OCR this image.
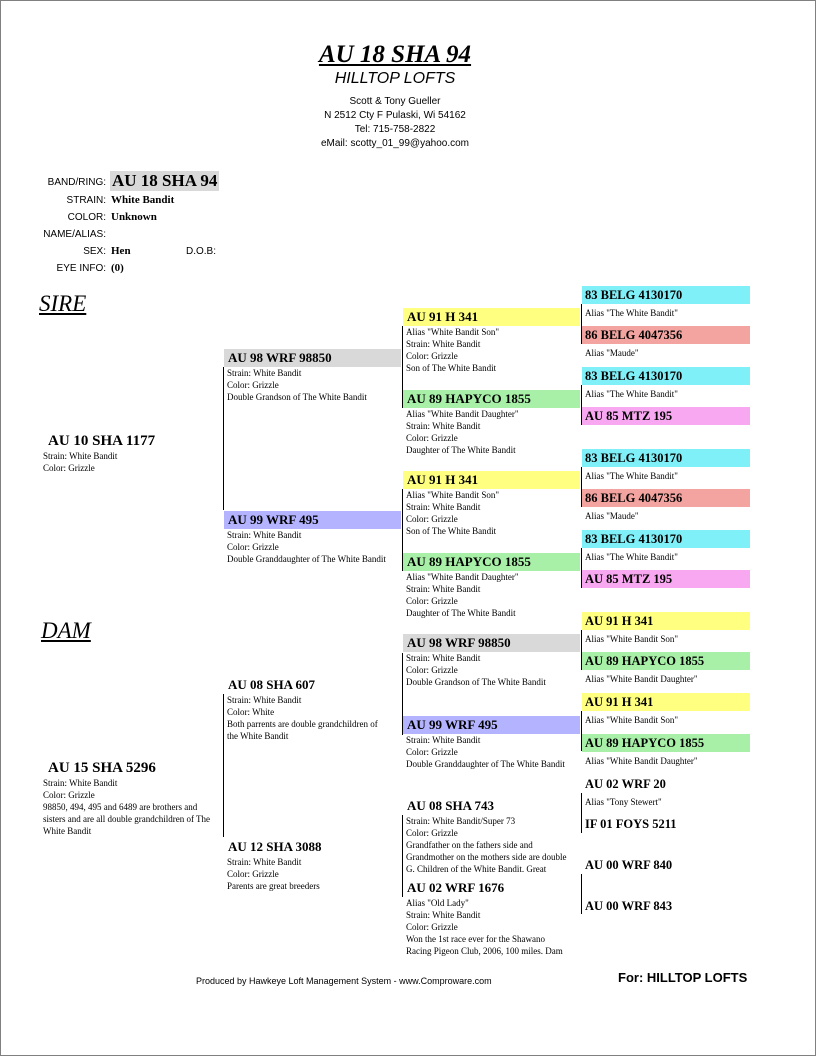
AU 18 SHA 94
HILLTOP LOFTS
Scott & Tony Gueller
N 2512 Cty F Pulaski, Wi 54162
Tel: 715-758-2822
eMail: scotty_01_99@yahoo.com
BAND/RING: AU 18 SHA 94
STRAIN: White Bandit
COLOR: Unknown
NAME/ALIAS:
SEX: Hen	D.O.B:
EYE INFO: (0)
SIRE
DAM
AU 10 SHA 1177
Strain: White Bandit
Color: Grizzle
AU 15 SHA 5296
Strain: White Bandit
Color: Grizzle
98850, 494, 495 and 6489 are brothers and
sisters and are all double grandchildren of The
White Bandit
AU 98 WRF 98850
Strain: White Bandit
Color: Grizzle
Double Grandson of The White Bandit
AU 99 WRF 495
Strain: White Bandit
Color: Grizzle
Double Granddaughter of The White Bandit
AU 08 SHA 607
Strain: White Bandit
Color: White
Both parrents are double grandchildren of
the White Bandit
AU 12 SHA 3088
Strain: White Bandit
Color: Grizzle
Parents are great breeders
AU 91 H 341
Alias "White Bandit Son"
Strain: White Bandit
Color: Grizzle
Son of The White Bandit
AU 89 HAPYCO 1855
Alias "White Bandit Daughter"
Strain: White Bandit
Color: Grizzle
Daughter of The White Bandit
AU 91 H 341
Alias "White Bandit Son"
Strain: White Bandit
Color: Grizzle
Son of The White Bandit
AU 89 HAPYCO 1855
Alias "White Bandit Daughter"
Strain: White Bandit
Color: Grizzle
Daughter of The White Bandit
AU 98 WRF 98850
Strain: White Bandit
Color: Grizzle
Double Grandson of The White Bandit
AU 99 WRF 495
Strain: White Bandit
Color: Grizzle
Double Granddaughter of The White Bandit
AU 08 SHA 743
Strain: White Bandit/Super 73
Color: Grizzle
Grandfather on the fathers side and
Grandmother on the mothers side are double
G. Children of the White Bandit. Great
AU 02 WRF 1676
Alias "Old Lady"
Strain: White Bandit
Color: Grizzle
Won the 1st race ever for the Shawano
Racing Pigeon Club, 2006, 100 miles. Dam
83 BELG 4130170
Alias "The White Bandit"
86 BELG 4047356
Alias "Maude"
83 BELG 4130170
Alias "The White Bandit"
AU 85 MTZ 195
83 BELG 4130170
Alias "The White Bandit"
86 BELG 4047356
Alias "Maude"
83 BELG 4130170
Alias "The White Bandit"
AU 85 MTZ 195
AU 91 H 341
Alias "White Bandit Son"
AU 89 HAPYCO 1855
Alias "White Bandit Daughter"
AU 91 H 341
Alias "White Bandit Son"
AU 89 HAPYCO 1855
Alias "White Bandit Daughter"
AU 02 WRF 20
Alias "Tony Stewert"
IF 01 FOYS 5211
AU 00 WRF 840
AU 00 WRF 843
Produced by Hawkeye Loft Management System - www.Comproware.com	For: HILLTOP LOFTS
